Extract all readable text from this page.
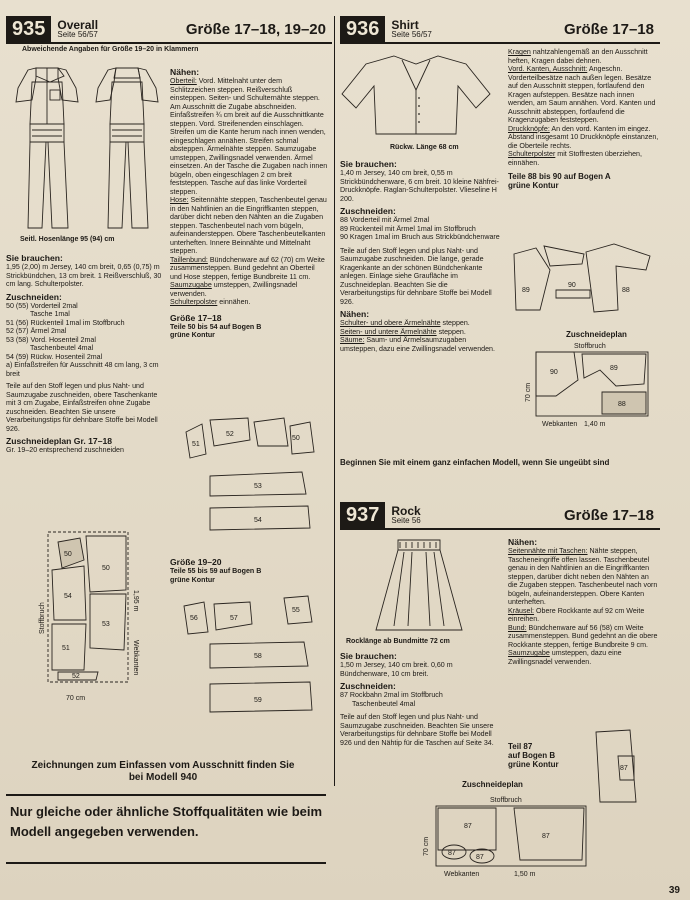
935	Overall
Seite 56/57	Größe 17–18, 19–20
Abweichende Angaben für Größe 19–20 in Klammern
Seitl. Hosenlänge 95 (94) cm
Sie brauchen:

1,95 (2,00) m Jersey, 140 cm breit, 0,65 (0,75) m Strickbündchen, 13 cm breit. 1 Reißverschluß, 30 cm lang. Schulterpolster.

Zuschneiden:

50 (55) Vorderteil 2mal

Tasche 1mal

51 (56) Rückenteil 1mal im Stoffbruch

52 (57) Ärmel 2mal

53 (58) Vord. Hosenteil 2mal

Taschenbeutel 4mal

54 (59) Rückw. Hosenteil 2mal

a) Einfaßstreifen für Ausschnitt 48 cm lang, 3 cm breit

Teile auf den Stoff legen und plus Naht- und Saumzugabe zuschneiden, obere Taschenkante mit 3 cm Zugabe, Einfaßstreifen ohne Zugabe zuschneiden. Beachten Sie unsere Verarbeitungstips für dehnbare Stoffe bei Modell 926.

Zuschneideplan Gr. 17–18

Gr. 19–20 entsprechend zuschneiden

50
50
54
53
51
52
70 cm
Stoffbruch
1,95 m
Webkanten
Nähen:

Oberteil: Vord. Mittelnaht unter dem Schlitzzeichen steppen. Reißverschluß einsteppen. Seiten- und Schulternähte steppen. Am Ausschnitt die Zugabe abschneiden. Einfaßstreifen ¾ cm breit auf die Ausschnittkante steppen. Vord. Streifenenden einschlagen. Streifen um die Kante herum nach innen wenden, eingeschlagen annähen. Streifen schmal absteppen. Ärmelnähte steppen. Saumzugabe umsteppen, Zwillingsnadel verwenden. Ärmel einsetzen. An der Tasche die Zugaben nach innen bügeln, oben eingeschlagen 2 cm breit feststeppen. Tasche auf das linke Vorderteil steppen.

Hose: Seitennähte steppen, Taschenbeutel genau in den Nahtlinien an die Eingriffkanten steppen, darüber dicht neben den Nähten an die Zugaben steppen. Taschenbeutel nach vorn bügeln, aufeinandersteppen. Obere Taschenbeutelkanten unterheften. Innere Beinnähte und Mittelnaht steppen.

Taillenbund: Bündchenware auf 62 (70) cm Weite zusammensteppen. Bund gedehnt an Oberteil und Hose steppen, fertige Bundbreite 11 cm.

Saumzugabe umsteppen, Zwillingsnadel verwenden.

Schulterpolster einnähen.

Größe 17–18

Teile 50 bis 54 auf Bogen B

grüne Kontur

51
52
50
53
54
Größe 19–20

Teile 55 bis 59 auf Bogen B

grüne Kontur

56	57
55
58
59
Zeichnungen zum Einfassen vom Ausschnitt finden Sie bei Modell 940
936	Shirt
Seite 56/57	Größe 17–18
Rückw. Länge 68 cm
Sie brauchen:

1,40 m Jersey, 140 cm breit, 0,55 m Strickbündchenware, 6 cm breit. 10 kleine Nähfrei-Druckknöpfe. Raglan-Schulterpolster. Vlieseline H 200.

Zuschneiden:

88 Vorderteil mit Ärmel 2mal

89 Rückenteil mit Ärmel 1mal im Stoffbruch

90 Kragen 1mal im Bruch aus Strickbündchenware

Teile auf den Stoff legen und plus Naht- und Saumzugabe zuschneiden. Die lange, gerade Kragenkante an der schönen Bündchenkante anlegen. Einlage siehe Graufläche im Zuschneideplan. Beachten Sie die Verarbeitungstips für dehnbare Stoffe bei Modell 926.

Nähen:

Schulter- und obere Ärmelnähte steppen.

Seiten- und untere Ärmelnähte steppen.

Säume: Saum- und Ärmelsaumzugaben umsteppen, dazu eine Zwillingsnadel verwenden.

Kragen nahtzahlengemäß an den Ausschnitt heften, Kragen dabei dehnen.

Vord. Kanten, Ausschnitt: Angeschn. Vorderteilbesätze nach außen legen. Besätze auf den Ausschnitt steppen, fortlaufend den Kragen aufsteppen. Besätze nach innen wenden, am Saum annähen. Vord. Kanten und Ausschnitt absteppen, fortlaufend die Kragenzugaben feststeppen.

Druckknöpfe: An den vord. Kanten im eingez. Abstand insgesamt 10 Druckknöpfe einstanzen, die Oberteile rechts.

Schulterpolster mit Stoffresten überziehen, einnähen.

Teile 88 bis 90 auf Bogen A

grüne Kontur

89
90
88
Zuschneideplan
Stoffbruch
90
89
88
70 cm
Webkanten 1,40 m
Beginnen Sie mit einem ganz einfachen Modell, wenn Sie ungeübt sind
937	Rock
Seite 56	Größe 17–18
Rocklänge ab Bundmitte 72 cm
Sie brauchen:

1,50 m Jersey, 140 cm breit. 0,60 m Bündchenware, 10 cm breit.

Zuschneiden:

87 Rockbahn 2mal im Stoffbruch

Taschenbeutel 4mal

Teile auf den Stoff legen und plus Naht- und Saumzugabe zuschneiden. Beachten Sie unsere Verarbeitungstips für dehnbare Stoffe bei Modell 926 und den Nähtip für die Taschen auf Seite 34.

Nähen:

Seitennähte mit Taschen: Nähte steppen, Tascheneingriffe offen lassen. Taschenbeutel genau in den Nahtlinien an die Eingriffkanten steppen, darüber dicht neben den Nähten an die Zugaben steppen. Taschenbeutel nach vorn bügeln, aufeinandersteppen. Obere Kanten unterheften.

Kräusel: Obere Rockkante auf 92 cm Weite einreihen.

Bund: Bündchenware auf 56 (58) cm Weite zusammensteppen. Bund gedehnt an die obere Rockkante steppen, fertige Bundbreite 9 cm.

Saumzugabe umsteppen, dazu eine Zwillingsnadel verwenden.

Teil 87

auf Bogen B

grüne Kontur	87
Zuschneideplan
Stoffbruch
87
87
87
87
70 cm
Webkanten	1,50 m
Nur gleiche oder ähnliche Stoffqualitäten wie beim Modell angegeben verwenden.
39
